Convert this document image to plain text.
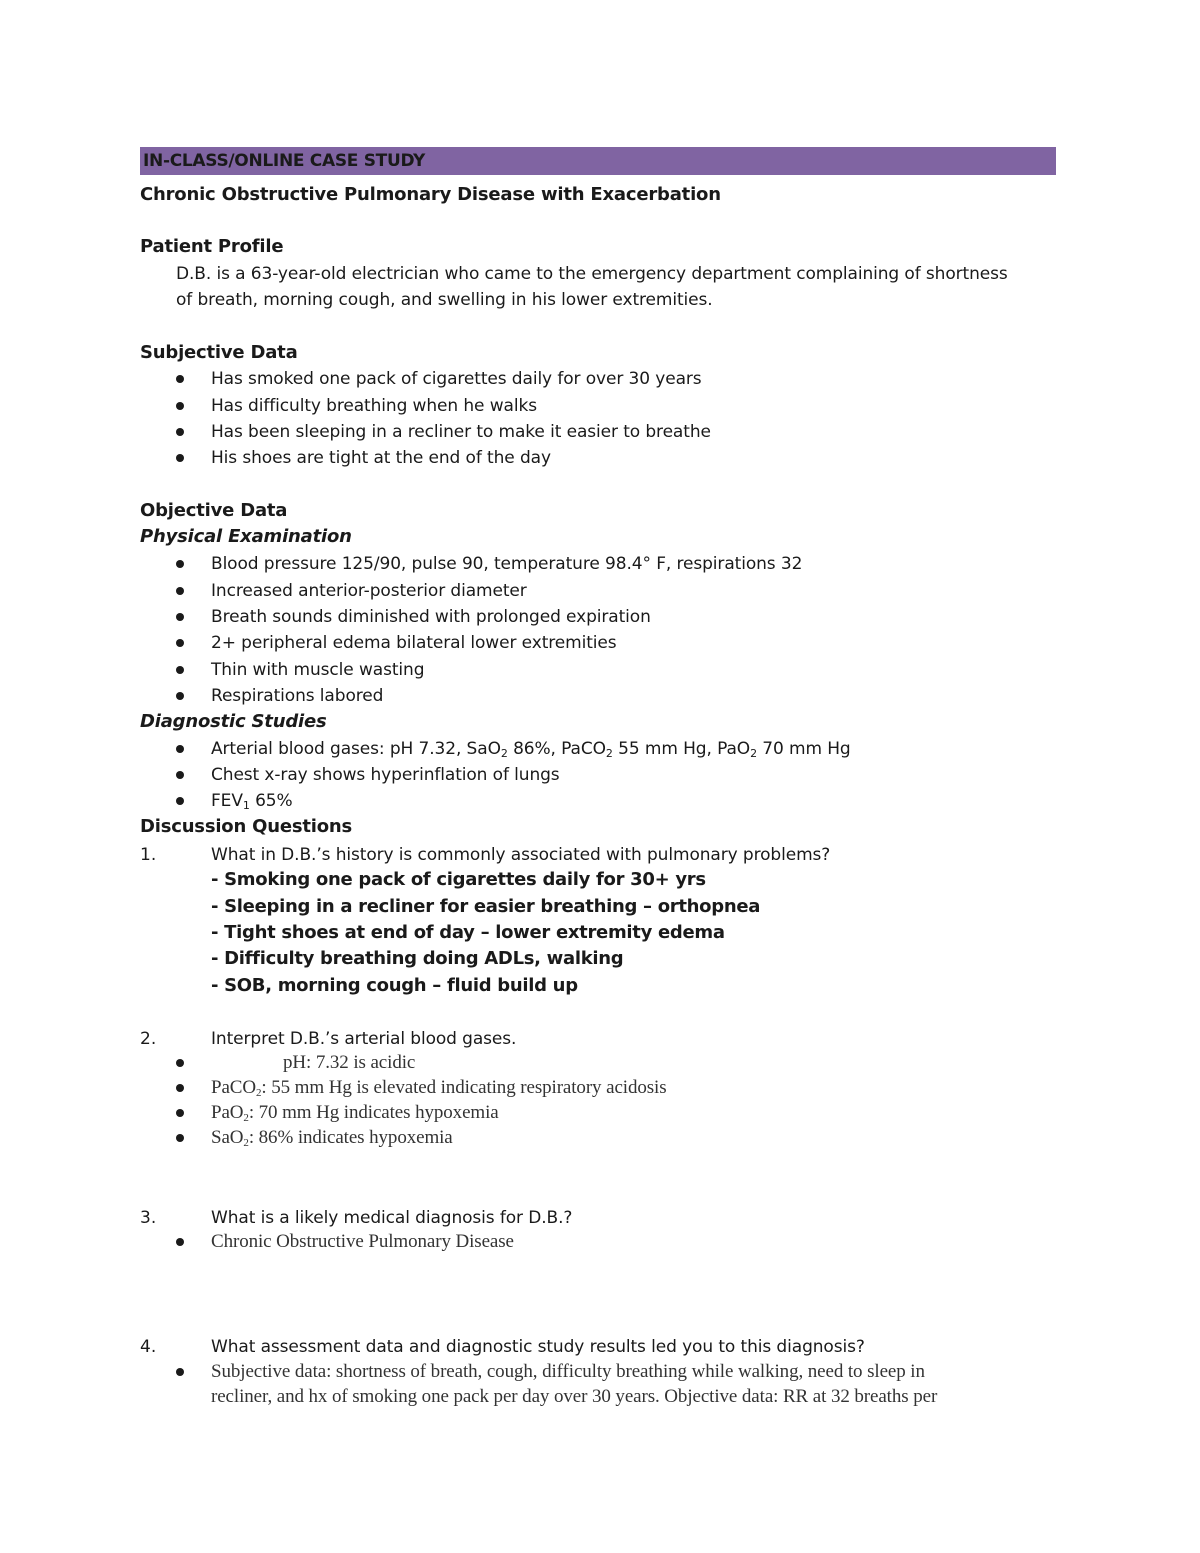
IN-CLASS/ONLINE CASE STUDY
Chronic Obstructive Pulmonary Disease with Exacerbation
Patient Profile
D.B. is a 63-year-old electrician who came to the emergency department complaining of shortness
of breath, morning cough, and swelling in his lower extremities.
Subjective Data
Has smoked one pack of cigarettes daily for over 30 years
Has difficulty breathing when he walks
Has been sleeping in a recliner to make it easier to breathe
His shoes are tight at the end of the day
Objective Data
Physical Examination
Blood pressure 125/90, pulse 90, temperature 98.4° F, respirations 32
Increased anterior-posterior diameter
Breath sounds diminished with prolonged expiration
2+ peripheral edema bilateral lower extremities
Thin with muscle wasting
Respirations labored
Diagnostic Studies
Arterial blood gases: pH 7.32, SaO$_2$ 86%, PaCO$_2$ 55 mm Hg, PaO$_2$ 70 mm Hg
Chest x-ray shows hyperinflation of lungs
$FEV_1$ 65%
Discussion Questions
1.	What in D.B.’s history is commonly associated with pulmonary problems?
- Smoking one pack of cigarettes daily for 30+ yrs
- Sleeping in a recliner for easier breathing – orthopnea
- Tight shoes at end of day – lower extremity edema
- Difficulty breathing doing ADLs, walking
- SOB, morning cough – fluid build up
2.	Interpret D.B.’s arterial blood gases.
pH: 7.32 is acidic
PaCO$_2$: 55 mm Hg is elevated indicating respiratory acidosis
PaO$_2$: 70 mm Hg indicates hypoxemia
SaO$_2$: 86% indicates hypoxemia
3.	What is a likely medical diagnosis for D.B.?
Chronic Obstructive Pulmonary Disease
4.	What assessment data and diagnostic study results led you to this diagnosis?
Subjective data: shortness of breath, cough, difficulty breathing while walking, need to sleep in
recliner, and hx of smoking one pack per day over 30 years. Objective data: RR at 32 breaths per
